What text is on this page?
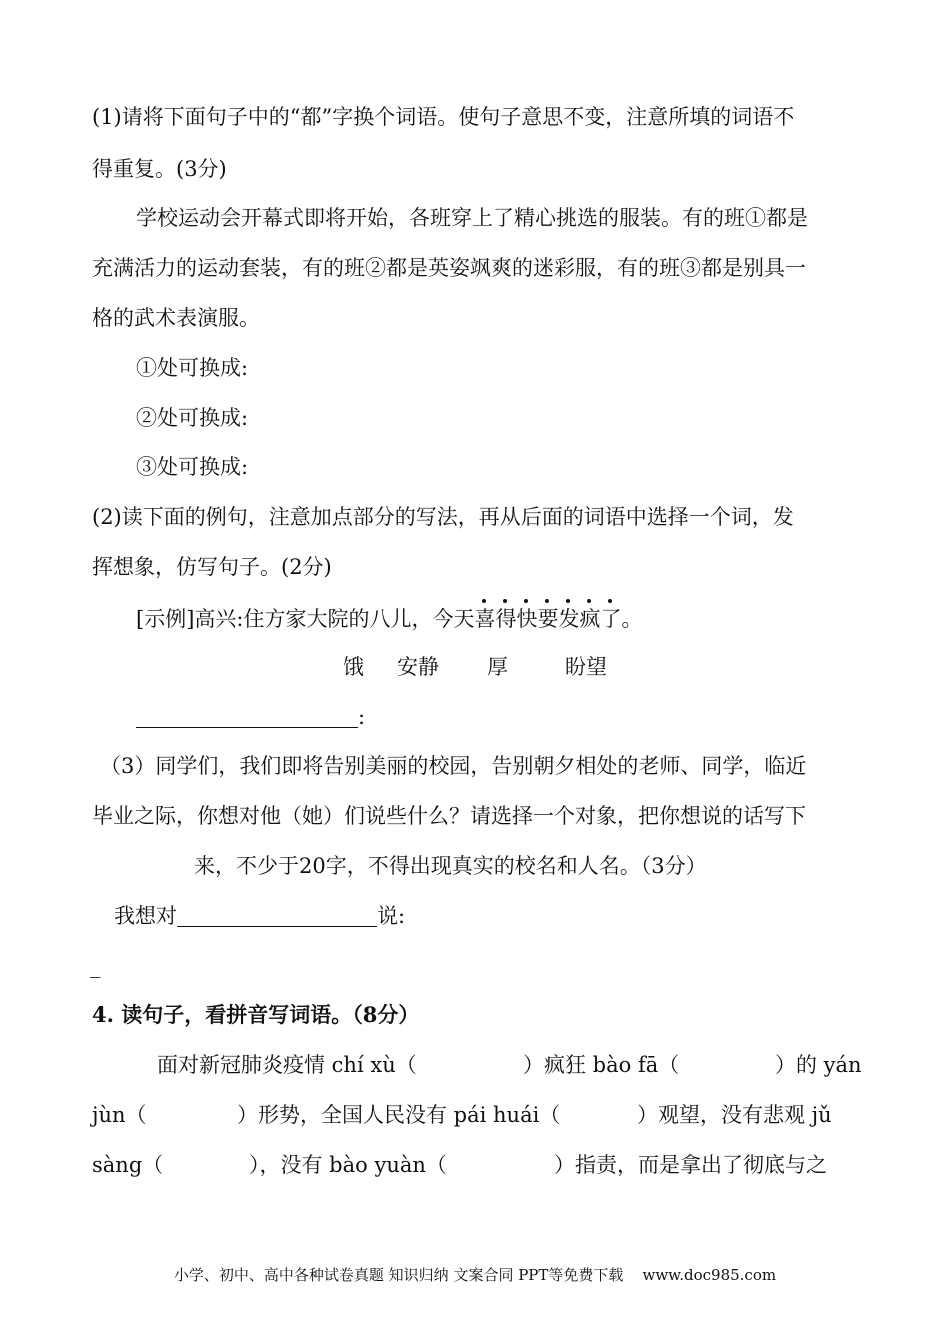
(1)请将下面句子中的“都”字换个词语。使句子意思不变，注意所填的词语不
得重复。(3分)
学校运动会开幕式即将开始，各班穿上了精心挑选的服装。有的班①都是
充满活力的运动套装，有的班②都是英姿飒爽的迷彩服，有的班③都是别具一
格的武术表演服。
①处可换成:
②处可换成:
③处可换成:
(2)读下面的例句，注意加点部分的写法，再从后面的词语中选择一个词，发
挥想象，仿写句子。(2分)
[示例]高兴:住方家大院的八儿，今天
喜得快要发疯了。
饿 安静 厚	盼望
:
（3）同学们，我们即将告别美丽的校园，告别朝夕相处的老师、同学，临近
毕业之际，你想对他（她）们说些什么？请选择一个对象，把你想说的话写下
来，不少于20字，不得出现真实的校名和人名。（3分）
我想对	说:
_
4. 读句子，看拼音写词语。（8分）
面对新冠肺炎疫情 chí xù（	）疯狂 bào fā（	）的 yán
jùn（	）形势，全国人民没有 pái huái（	）观望，没有悲观 jǔ
sàng（	），没有 bào yuàn（	）指责，而是拿出了彻底与之
小学、初中、高中各种试卷真题 知识归纳 文案合同 PPT等免费下载 www.doc985.com
